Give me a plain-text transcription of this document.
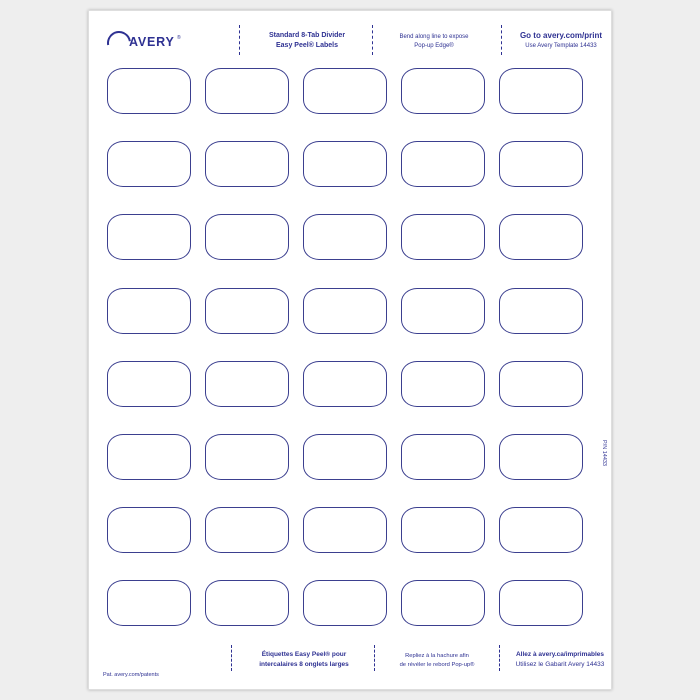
AVERY ®	Standard 8-Tab Divider
Easy Peel® Labels
Bend along line to expose
Pop-up Edge®
Go to avery.com/print
Use Avery Template 14433
P/N 14433
Étiquettes Easy Peel® pour
intercalaires 8 onglets larges
Repliez à la hachure afin
de révéler le rebord Pop-up®
Allez à avery.ca/imprimables
Utilisez le Gabarit Avery 14433
Pat. avery.com/patents
